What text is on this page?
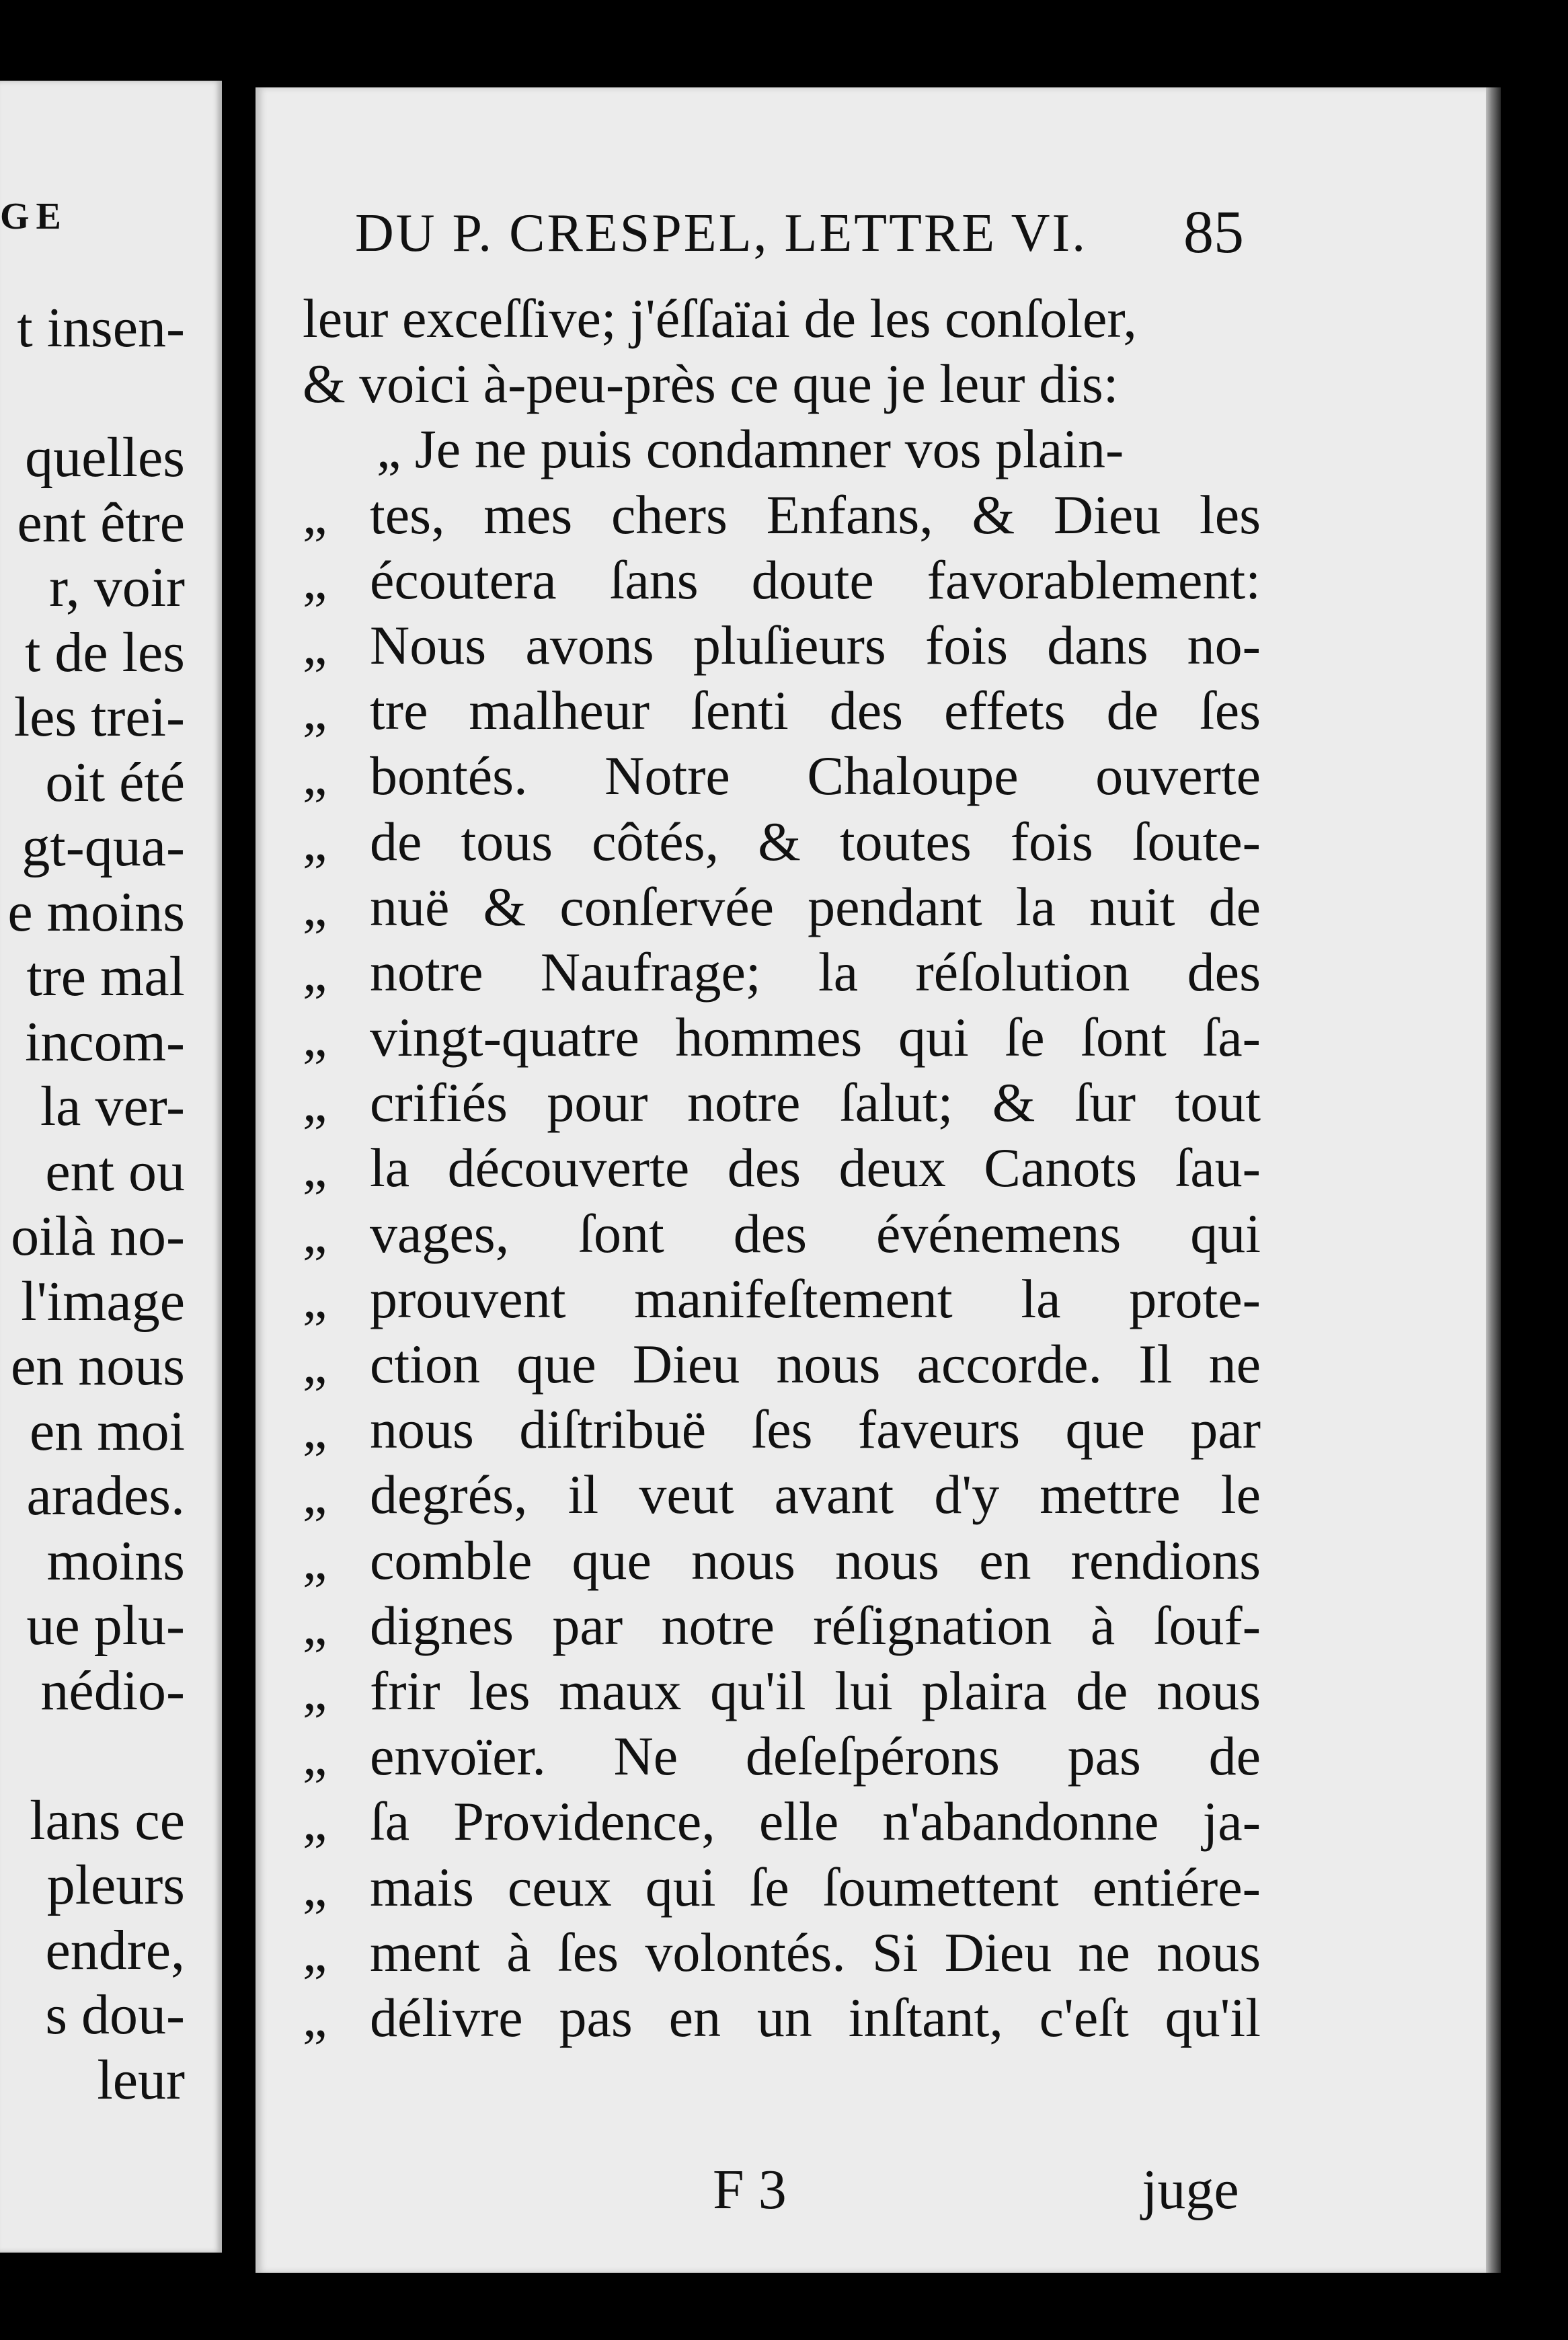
GE
t insen-
quelles
ent être
r, voir
t de les
les trei-
oit été
gt-qua-
e moins
tre mal
incom-
la ver-
ent ou
oilà no-
l'image
en nous
en moi
arades.
moins
ue plu-
nédio-
lans ce
pleurs
endre,
s dou-
leur
DU P. CRESPEL, LETTRE VI. 85
leur exceſſive; j'éſſaïai de les conſoler,
& voici à-peu-près ce que je leur dis:
„ Je ne puis condamner vos plain-
„ tes, mes chers Enfans, & Dieu les
„ écoutera ſans doute favorablement:
„ Nous avons pluſieurs fois dans no-
„ tre malheur ſenti des effets de ſes
„ bontés. Notre Chaloupe ouverte
„ de tous côtés, & toutes fois ſoute-
„ nuë & conſervée pendant la nuit de
„ notre Naufrage; la réſolution des
„ vingt-quatre hommes qui ſe ſont ſa-
„ crifiés pour notre ſalut; & ſur tout
„ la découverte des deux Canots ſau-
„ vages, ſont des événemens qui
„ prouvent manifeſtement la prote-
„ ction que Dieu nous accorde. Il ne
„ nous diſtribuë ſes faveurs que par
„ degrés, il veut avant d'y mettre le
„ comble que nous nous en rendions
„ dignes par notre réſignation à ſouf-
„ frir les maux qu'il lui plaira de nous
„ envoïer. Ne deſeſpérons pas de
„ ſa Providence, elle n'abandonne ja-
„ mais ceux qui ſe ſoumettent entiére-
„ ment à ſes volontés. Si Dieu ne nous
„ délivre pas en un inſtant, c'eſt qu'il
F 3	juge
